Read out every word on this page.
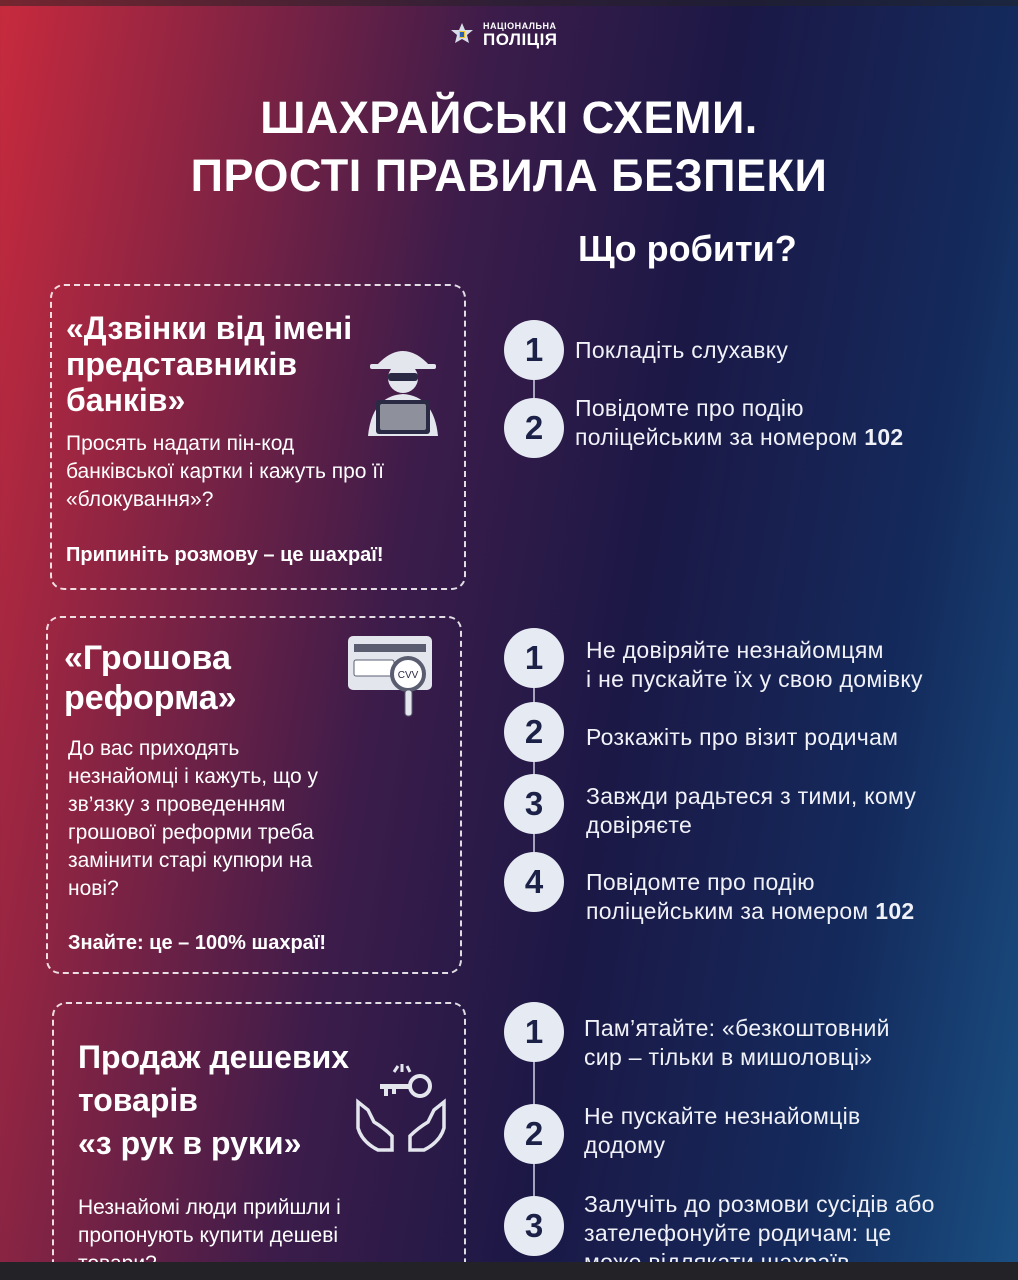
НАЦІОНАЛЬНА
ПОЛІЦІЯ
ШАХРАЙСЬКІ СХЕМИ.
ПРОСТІ ПРАВИЛА БЕЗПЕКИ
Що робити?
«Дзвінки від імені
представників
банків»
Просять надати пін-код
банківської картки і кажуть про її
«блокування»?
Припиніть розмову – це шахраї!
1	Покладіть слухавку
2
Повідомте про подію
поліцейським за номером 102
«Грошова
реформа»
CVV
До вас приходять
незнайомці і кажуть, що у
зв’язку з проведенням
грошової реформи треба
замінити старі купюри на
нові?
Знайте: це – 100% шахраї!
1	Не довіряйте незнайомцям
і не пускайте їх у свою домівку
2	Розкажіть про візит родичам
3	Завжди радьтеся з тими, кому
довіряєте
4	Повідомте про подію
поліцейським за номером 102
Продаж дешевих
товарів
«з рук в руки»
Незнайомі люди прийшли і
пропонують купити дешеві
1	Пам’ятайте: «безкоштовний
сир – тільки в мишоловці»
2	Не пускайте незнайомців
додому
3
Залучіть до розмови сусідів або
зателефонуйте родичам: це
